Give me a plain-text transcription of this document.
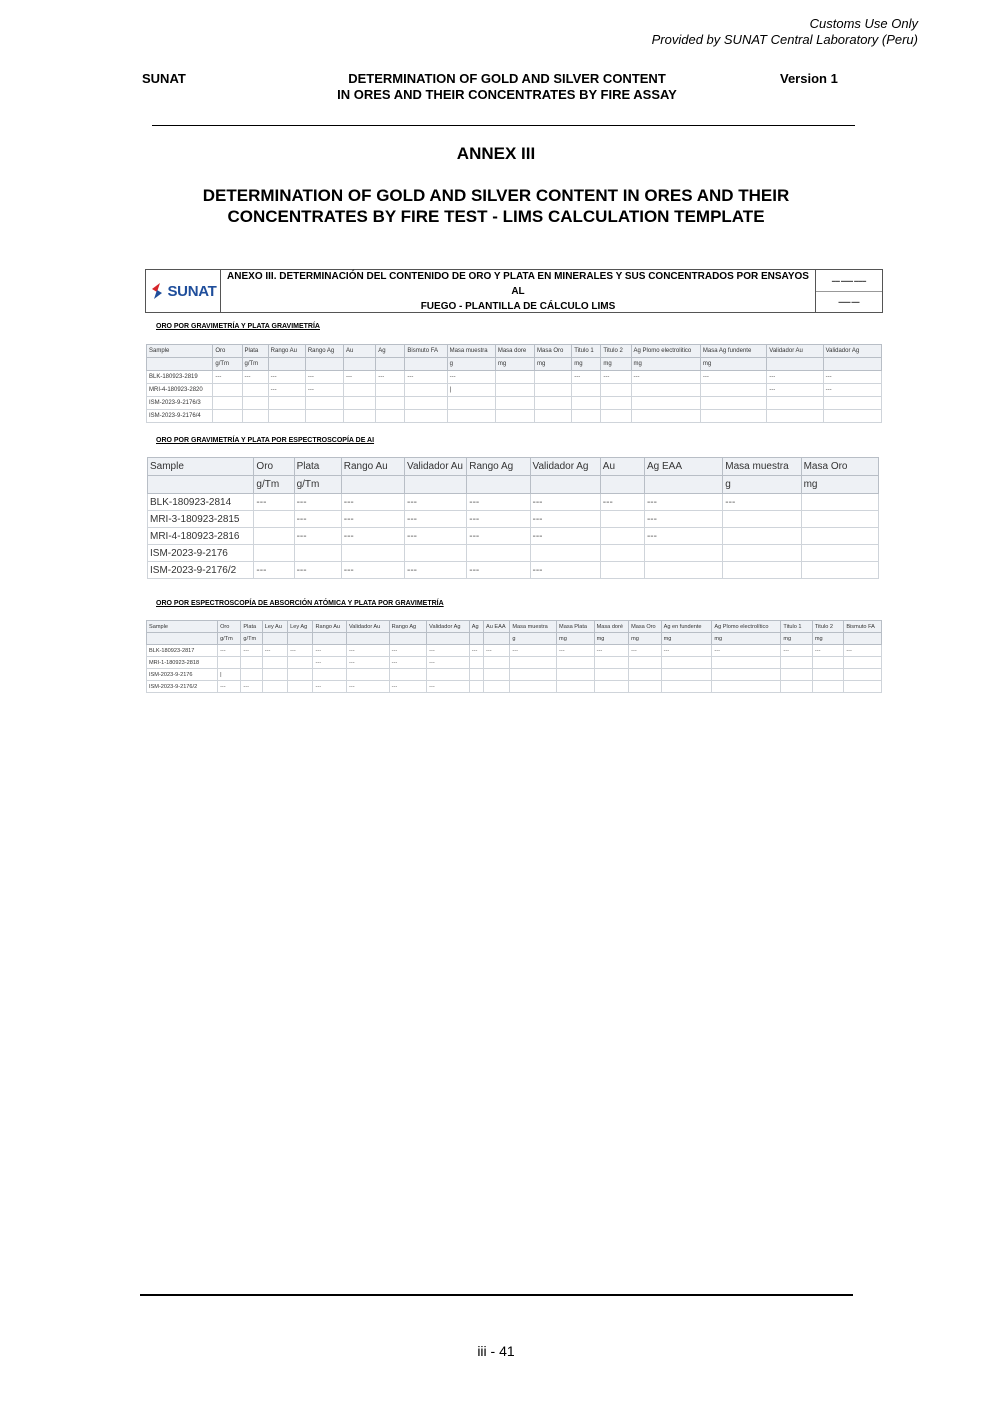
Customs Use Only
Provided by SUNAT Central Laboratory (Peru)
SUNAT	DETERMINATION OF GOLD AND SILVER CONTENT
IN ORES AND THEIR CONCENTRATES BY FIRE ASSAY
Version 1
ANNEX III
DETERMINATION OF GOLD AND SILVER CONTENT IN ORES AND THEIR
CONCENTRATES BY FIRE TEST - LIMS CALCULATION TEMPLATE
SUNAT
ANEXO III. DETERMINACIÓN DEL CONTENIDO DE ORO Y PLATA EN MINERALES Y SUS CONCENTRADOS POR ENSAYOS AL
FUEGO - PLANTILLA DE CÁLCULO LIMS
▬▬ ▬▬▬ ▬▬▬
▬▬▬ ▬▬
ORO POR GRAVIMETRÍA Y PLATA GRAVIMETRÍA
Sample	Oro	Plata	Rango Au	Rango Ag	Au	Ag	Bismuto FA	Masa muestra	Masa dore	Masa Oro	Titulo 1	Titulo 2	Ag Plomo electrolitico	Masa Ag fundente	Validador Au	Validador Ag
	g/Tm	g/Tm						g	mg	mg	mg	mg	mg	mg		
BLK-180923-2819	---	---	---	---	---	---	---	---			---	---	---	---	---	---
MRI-4-180923-2820			---	---				|							---	---
ISM-2023-9-2176/3																
ISM-2023-9-2176/4																
ORO POR GRAVIMETRÍA Y PLATA POR ESPECTROSCOPÍA DE AI
Sample	Oro	Plata	Rango Au	Validador Au	Rango Ag	Validador Ag	Au	Ag EAA	Masa muestra	Masa Oro
	g/Tm	g/Tm							g	mg
BLK-180923-2814	---	---	---	---	---	---	---	---	---	
MRI-3-180923-2815		---	---	---	---	---		---		
MRI-4-180923-2816		---	---	---	---	---		---		
ISM-2023-9-2176										
ISM-2023-9-2176/2	---	---	---	---	---	---				
ORO POR ESPECTROSCOPÍA DE ABSORCIÓN ATÓMICA Y PLATA POR GRAVIMETRÍA
Sample	Oro	Plata	Ley Au	Ley Ag	Rango Au	Validador Au	Rango Ag	Validador Ag	Ag	Au EAA	Masa muestra	Masa Plata	Masa doré	Masa Oro	Ag en fundente	Ag Plomo electrolítico	Titulo 1	Titulo 2	Bismuto FA
	g/Tm	g/Tm									g	mg	mg	mg	mg	mg	mg	mg	
BLK-180923-2817	---	---	---	---	---	---	---	---	---	---	---	---	---	---	---	---	---	---	---
MRI-1-180923-2818					---	---	---	---											
ISM-2023-9-2176	|																		
ISM-2023-9-2176/2	---	---			---	---	---	---											
iii - 41
